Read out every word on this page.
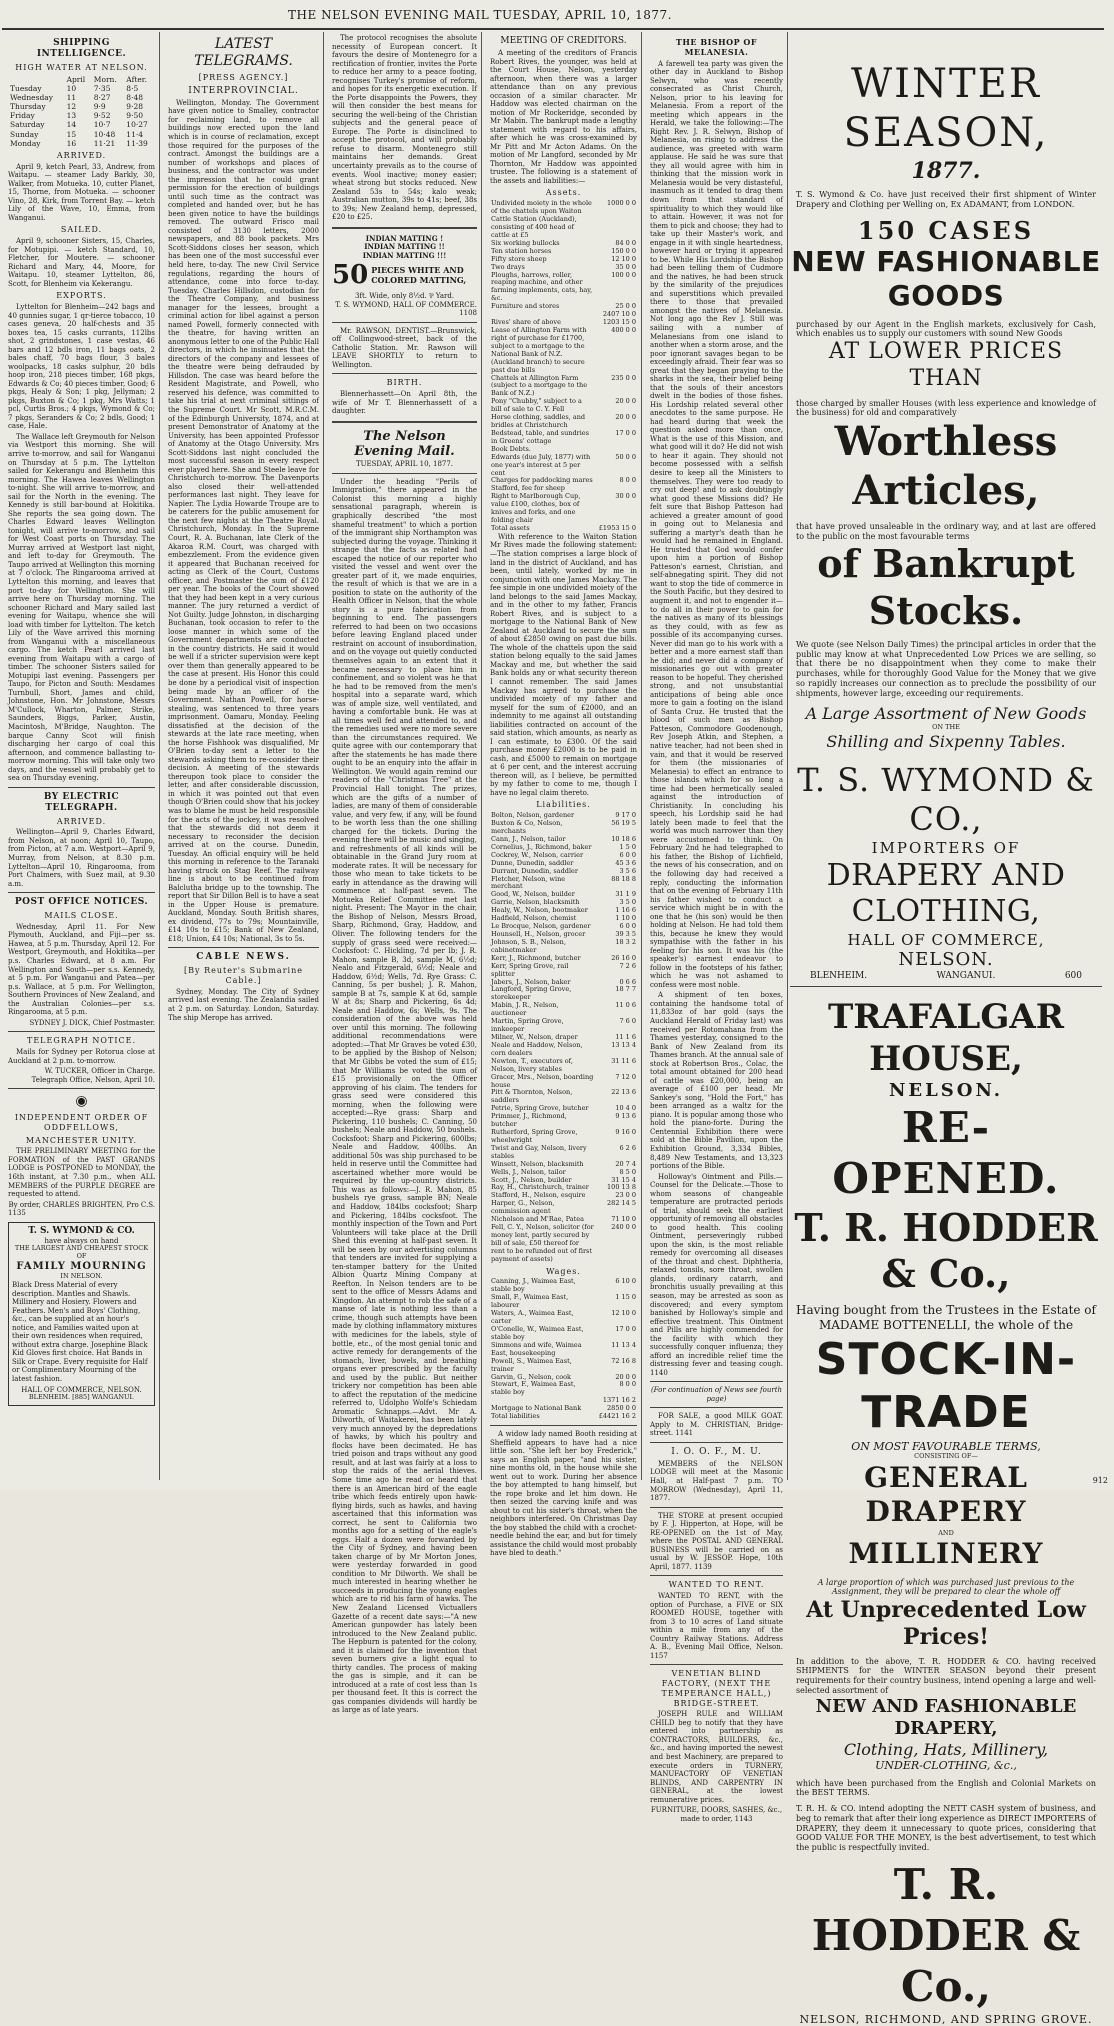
THE NELSON EVENING MAIL TUESDAY, APRIL 10, 1877.
SHIPPING INTELLIGENCE.
HIGH WATER AT NELSON.
	April	Morn.	After.
Tuesday	10	7·35	8·5
Wednesday	11	8·27	8·48
Thursday	12	9·9	9·28
Friday	13	9·52	9·50
Saturday	14	10·7	10·27
Sunday	15	10·48	11·4
Monday	16	11·21	11·39
ARRIVED.

April 9, ketch Pearl, 33, Andrew, from Waitapu. — steamer Lady Barkly, 30, Walker, from Motueka. 10, cutter Planet, 15, Thorne, from Motueka. — schooner Vino, 28, Kirk, from Torrent Bay. — ketch Lily of the Wave, 10, Emma, from Wanganui.

SAILED.

April 9, schooner Sisters, 15, Charles, for Motupipi. — ketch Standard, 10, Fletcher, for Moutere. — schooner Richard and Mary, 44, Moore, for Waitapu. 10, steamer Lyttelton, 86, Scott, for Blenheim via Kekerangu.

EXPORTS.

Lyttelton for Blenheim—242 bags and 40 gunnies sugar, 1 qr-tierce tobacco, 10 cases geneva, 20 half-chests and 35 boxes tea, 15 casks currants, 112lbs shot, 2 grindstones, 1 case vestas, 46 bars and 12 bdls iron, 11 bags oats, 2 bales chaff, 70 bags flour, 3 bales woolpacks, 18 casks sulphur, 20 bdls hoop iron, 218 pieces timber, 168 pkgs, Edwards & Co; 40 pieces timber, Good; 6 pkgs, Healy & Son; 1 pkg, Jellyman; 2 pkgs, Buxton & Co; 1 pkg, Mrs Watts; 1 pcl, Curtis Bros.; 4 pkgs, Wymond & Co; 7 pkgs, Seranders & Co; 2 bdls, Good; 1 case, Hale.

The Wallace left Greymouth for Nelson via Westport this morning. She will arrive to-morrow, and sail for Wanganui on Thursday at 5 p.m. The Lyttelton sailed for Kekerangu and Blenheim this morning. The Hawea leaves Wellington to-night. She will arrive to-morrow, and sail for the North in the evening. The Kennedy is still bar-bound at Hokitika. She reports the sea going down. The Charles Edward leaves Wellington tonight, will arrive to-morrow, and sail for West Coast ports on Thursday. The Murray arrived at Westport last night, and left to-day for Greymouth. The Taupo arrived at Wellington this morning at 7 o'clock. The Ringarooma arrived at Lyttelton this morning, and leaves that port to-day for Wellington. She will arrive here on Thursday morning. The schooner Richard and Mary sailed last evening for Waitapu, whence she will load with timber for Lyttelton. The ketch Lily of the Wave arrived this morning from Wanganui with a miscellaneous cargo. The ketch Pearl arrived last evening from Waitapu with a cargo of timber. The schooner Sisters sailed for Motupipi last evening. Passengers per Taupo, for Picton and South: Mesdames Turnbull, Short, James and child, Johnstone, Hon. Mr Johnstone, Messrs M'Cullock, Wharton, Palmer, Strike, Saunders, Biggs, Parker, Austin, Macintosh, M'Bridge, Naughton. The barque Canny Scot will finish discharging her cargo of coal this afternoon, and commence ballasting to-morrow morning. This will take only two days, and the vessel will probably get to sea on Thursday evening.

BY ELECTRIC TELEGRAPH.
ARRIVED.

Wellington—April 9, Charles Edward, from Nelson, at noon; April 10, Taupo, from Picton, at 7 a.m. Westport—April 9, Murray, from Nelson, at 8.30 p.m. Lyttelton—April 10, Ringarooma, from Port Chalmers, with Suez mail, at 9.30 a.m.

POST OFFICE NOTICES.
MAILS CLOSE.

Wednesday, April 11. For New Plymouth, Auckland, and Fiji—per ss. Hawea, at 5 p.m. Thursday, April 12. For Westport, Greymouth, and Hokitika—per p.s. Charles Edward, at 8 a.m. For Wellington and South—per s.s. Kennedy, at 5 p.m. For Wanganui and Patea—per p.s. Wallace, at 5 p.m. For Wellington, Southern Provinces of New Zealand, and the Australian Colonies—per s.s. Ringarooma, at 5 p.m.

SYDNEY J. DICK, Chief Postmaster.
TELEGRAPH NOTICE.

Mails for Sydney per Rotorua close at Auckland at 2 p.m. to-morrow.

W. TUCKER, Officer in Charge. Telegraph Office, Nelson, April 10.
◉
INDEPENDENT ORDER OF ODDFELLOWS,
MANCHESTER UNITY.

THE PRELIMINARY MEETING for the FORMATION of the PAST GRANDS LODGE is POSTPONED to MONDAY, the 16th instant, at 7.30 p.m., when ALL MEMBERS of the PURPLE DEGREE are requested to attend.

By order, CHARLES BRIGHTEN, Pro C.S.
1135
T. S. WYMOND & CO.
have always on hand
THE LARGEST AND CHEAPEST STOCK OF
FAMILY MOURNING
IN NELSON.

Black Dress Material of every description. Mantles and Shawls. Millinery and Hosiery. Flowers and Feathers. Men's and Boys' Clothing, &c., can be supplied at an hour's notice, and Families waited upon at their own residences when required, without extra charge. Josephine Black Kid Gloves first choice. Hat Bands in Silk or Crape. Every requisite for Half or Complimentary Mourning of the latest fashion.

HALL OF COMMERCE, NELSON.
BLENHEIM. [885] WANGANUI.
LATEST TELEGRAMS.
[PRESS AGENCY.]
INTERPROVINCIAL.

Wellington, Monday. The Government have given notice to Smalley, contractor for reclaiming land, to remove all buildings now erected upon the land which is in course of reclamation, except those required for the purposes of the contract. Amongst the buildings are a number of workshops and places of business, and the contractor was under the impression that he could grant permission for the erection of buildings until such time as the contract was completed and handed over, but he has been given notice to have the buildings removed. The outward Frisco mail consisted of 3130 letters, 2000 newspapers, and 88 book packets. Mrs Scott-Siddons closes her season, which has been one of the most successful ever held here, to-day. The new Civil Service regulations, regarding the hours of attendance, come into force to-day. Tuesday. Charles Hillsdon, custodian for the Theatre Company, and business manager for the lessees, brought a criminal action for libel against a person named Powell, formerly connected with the theatre, for having written an anonymous letter to one of the Public Hall directors, in which he insinuates that the directors of the company and lessees of the theatre were being defrauded by Hillsdon. The case was heard before the Resident Magistrate, and Powell, who reserved his defence, was committed to take his trial at next criminal sittings of the Supreme Court. Mr Scott, M.R.C.M. of the Edinburgh University, 1874, and at present Demonstrator of Anatomy at the University, has been appointed Professor of Anatomy at the Otago University. Mrs Scott-Siddons last night concluded the most successful season in every respect ever played here. She and Steele leave for Christchurch to-morrow. The Davenports also closed their well-attended performances last night. They leave for Napier. The Lydia Howarde Troupe are to be caterers for the public amusement for the next few nights at the Theatre Royal. Christchurch, Monday. In the Supreme Court, R. A. Buchanan, late Clerk of the Akaroa R.M. Court, was charged with embezzlement. From the evidence given it appeared that Buchanan received for acting as Clerk of the Court, Customs officer, and Postmaster the sum of £120 per year. The books of the Court showed that they had been kept in a very curious manner. The jury returned a verdict of Not Guilty. Judge Johnston, in discharging Buchanan, took occasion to refer to the loose manner in which some of the Government departments are conducted in the country districts. He said it would be well if a stricter supervision were kept over them than generally appeared to be the case at present. His Honor this could be done by a periodical visit of inspection being made by an officer of the Government. Nathan Powell, for horse-stealing, was sentenced to three years imprisonment. Oamaru, Monday. Feeling dissatisfied at the decision of the stewards at the late race meeting, when the horse Fishhook was disqualified, Mr O'Brien to-day sent a letter to the stewards asking them to re-consider their decision. A meeting of the stewards thereupon took place to consider the letter, and after considerable discussion, in which it was pointed out that even though O'Brien could show that his jockey was to blame he must be held responsible for the acts of the jockey, it was resolved that the stewards did not deem it necessary to reconsider the decision arrived at on the course. Dunedin, Tuesday. An official enquiry will be held this morning in reference to the Taranaki having struck on Stag Reef. The railway line is about to be continued from Balclutha bridge up to the township. The report that Sir Dillon Bell is to have a seat in the Upper House is premature. Auckland, Monday. South British shares, ex dividend, 77s to 79s; Mountainville, £14 10s to £15; Bank of New Zealand, £18; Union, £4 10s; National, 3s to 5s.

CABLE NEWS.
[By Reuter's Submarine Cable.]

Sydney, Monday. The City of Sydney arrived last evening. The Zealandia sailed at 2 p.m. on Saturday. London, Saturday. The ship Merope has arrived.

The protocol recognises the absolute necessity of European concert. It favours the desire of Montenegro for a rectification of frontier, invites the Porte to reduce her army to a peace footing, recognises Turkey's promise of reform, and hopes for its energetic execution. If the Porte disappoints the Powers, they will then consider the best means for securing the well-being of the Christian subjects and the general peace of Europe. The Porte is disinclined to accept the protocol, and will probably refuse to disarm. Montenegro still maintains her demands. Great uncertainty prevails as to the course of events. Wool inactive; money easier; wheat strong but stocks reduced. New Zealand 53s to 54s; kalo weak; Australian mutton, 39s to 41s; beef, 38s to 39s; New Zealand hemp, depressed, £20 to £25.

INDIAN MATTING !
INDIAN MATTING !!
INDIAN MATTING !!!
50 PIECES WHITE AND COLORED MATTING,
3ft. Wide, only 8½d. ⅌ Yard.
T. S. WYMOND, HALL OF COMMERCE. 1108

Mr. RAWSON, DENTIST.—Brunswick, off Collingwood-street, back of the Catholic Station. Mr. Rawson will LEAVE SHORTLY to return to Wellington.

BIRTH.

Blennerhassett—On April 8th, the wife of Mr T. Blennerhassett of a daughter.

The Nelson Evening Mail.
TUESDAY, APRIL 10, 1877.

Under the heading "Perils of Immigration," there appeared in the Colonist this morning a highly sensational paragraph, wherein is graphically described "the most shameful treatment" to which a portion of the immigrant ship Northampton was subjected during the voyage. Thinking it strange that the facts as related had escaped the notice of our reporter who visited the vessel and went over the greater part of it, we made enquiries, the result of which is that we are in a position to state on the authority of the Health Officer in Nelson, that the whole story is a pure fabrication from beginning to end. The passengers referred to had been on two occasions before leaving England placed under restraint on account of insubordination, and on the voyage out quietly conducted themselves again to an extent that it became necessary to place him in confinement, and so violent was he that he had to be removed from the men's hospital into a separate ward, which was of ample size, well ventilated, and having a comfortable bunk. He was at all times well fed and attended to, and the remedies used were no more severe than the circumstances required. We quite agree with our contemporary that after the statements he has made there ought to be an enquiry into the affair in Wellington. We would again remind our readers of the "Christmas Tree" at the Provincial Hall tonight. The prizes, which are the gifts of a number of ladies, are many of them of considerable value, and very few, if any, will be found to be worth less than the one shilling charged for the tickets. During the evening there will be music and singing, and refreshments of all kinds will be obtainable in the Grand Jury room at moderate rates. It will be necessary for those who mean to take tickets to be early in attendance as the drawing will commence at half-past seven. The Motueka Relief Committee met last night. Present: The Mayor in the chair, the Bishop of Nelson, Messrs Broad, Sharp, Richmond, Gray, Haddow, and Oliver. The following tenders for the supply of grass seed were received:—Cocksfoot: C. Hickling, 7d per lb; J. R. Mahon, sample B, 3d, sample M, 6½d; Nealo and Fitzgerald, 6½d; Neale and Haddow, 6½d; Wells, 7d. Rye Grass: C. Canning, 5s per bushel; J. R. Mahon, sample B at 7s, sample K at 6d, sample W at 8s; Sharp and Pickering, 6s 4d; Neale and Haddow, 6s; Wells, 9s. The consideration of the above was held over until this morning. The following additional recommendations were adopted:—That Mr Graves be voted £30, to be applied by the Bishop of Nelson; that Mr Gibbs be voted the sum of £15; that Mr Williams be voted the sum of £15 provisionally on the Officer approving of his claim. The tenders for grass seed were considered this morning, when the following were accepted:—Rye grass: Sharp and Pickering, 110 bushels; C. Canning, 50 bushels; Neale and Haddow, 50 bushels. Cocksfoot: Sharp and Pickering, 600lbs; Neale and Haddow, 400lbs. An additional 50s was ship purchased to be held in reserve until the Committee had ascertained whether more would be required by the up-country districts. This was as follows:—J. R. Mahon, 85 bushels rye grass, sample BN; Neale and Haddow, 184lbs cocksfoot; Sharp and Pickering, 184lbs cocksfoot. The monthly inspection of the Town and Port Volunteers will take place at the Drill Shed this evening at half-past seven. It will be seen by our advertising columns that tenders are invited for supplying a ten-stamper battery for the United Albion Quartz Mining Company at Reefton. In Nelson tenders are to be sent to the office of Messrs Adams and Kingdon. An attempt to rob the safe of a manse of late is nothing less than a crime, though such attempts have been made by clothing inflammatory mixtures with medicines for the labels, style of bottle, etc., of the most genial tonic and active remedy for derangements of the stomach, liver, bowels, and breathing organs ever prescribed by the faculty and used by the public. But neither trickery nor competition has been able to affect the reputation of the medicine referred to, Udolpho Wolfe's Schiedam Aromatic Schnapps.—Advt. Mr A. Dilworth, of Waitakerei, has been lately very much annoyed by the depredations of hawks, by which his poultry and flocks have been decimated. He has tried poison and traps without any good result, and at last was fairly at a loss to stop the raids of the aerial thieves. Some time ago he read or heard that there is an American bird of the eagle tribe which feeds entirely upon hawk-flying birds, such as hawks, and having ascertained that this information was correct, he sent to California two months ago for a setting of the eagle's eggs. Half a dozen were forwarded by the City of Sydney, and having been taken charge of by Mr Morton Jones, were yesterday forwarded in good condition to Mr Dilworth. We shall be much interested in hearing whether he succeeds in producing the young eagles which are to rid his farm of hawks. The New Zealand Licensed Victuallers Gazette of a recent date says:—"A new American gunpowder has lately been introduced to the New Zealand public. The Hepburn is patented for the colony, and it is claimed for the invention that seven burners give a light equal to thirty candles. The process of making the gas is simple, and it can be introduced at a rate of cost less than 1s per thousand feet. It this is correct the gas companies dividends will hardly be as large as of late years.

MEETING OF CREDITORS.

A meeting of the creditors of Francis Robert Rives, the younger, was held at the Court House, Nelson, yesterday afternoon, when there was a larger attendance than on any previous occasion of a similar character. Mr Haddow was elected chairman on the motion of Mr Rockeridge, seconded by Mr Mabin. The bankrupt made a lengthy statement with regard to his affairs, after which he was cross-examined by Mr Pitt and Mr Acton Adams. On the motion of Mr Langford, seconded by Mr Thornton, Mr Haddow was appointed trustee. The following is a statement of the assets and liabilities:—

Assets.
Undivided moiety in the whole of the chattels upon Waiton Cattle Station (Auckland), consisting of 400 head of cattle at £5	1000 0 0
Six working bullocks	84 0 0
Ten station horses	150 0 0
Fifty store sheep	12 10 0
Two drays	35 0 0
Ploughs, harrows, roller, reaping machine, and other farming implements, cats, hay, &c.	100 0 0
Furniture and stores	25 0 0
	2407 10 0
Rives' share of above	1203 15 0
Lease of Allington Farm with right of purchase for £1700, subject to a mortgage to the National Bank of N.Z. (Auckland branch) to secure past due bills	400 0 0
Chattels at Allington Farm (subject to a mortgage to the Bank of N.Z.)	235 0 0
Pony "Chubby," subject to a bill of sale to C. Y. Fell	20 0 0
Horse clothing, saddles, and bridles at Christchurch	20 0 0
Bedstead, table, and sundries in Greens' cottage	17 0 0
Book Debts.	
Edwards (due July, 1877) with one year's interest at 5 per cent	50 0 0
Charges for paddocking mares Stafford, fee for sheep	8 0 0
Right to Marlborough Cup, value £100, clothes, box of knives and forks, and one folding chair	30 0 0
Total assets	£1953 15 0

With reference to the Waiton Station Mr Rives made the following statement:—The station comprises a large block of land in the district of Auckland, and has been, until lately, worked by me in conjunction with one James Mackay. The fee simple in one undivided moiety of the land belongs to the said James Mackay, and in the other to my father, Francis Robert Rives, and is subject to a mortgage to the National Bank of New Zealand at Auckland to secure the sum of about £2850 owing on past due bills. The whole of the chattels upon the said station belong equally to the said James Mackay and me, but whether the said Bank holds any or what security thereon I cannot remember. The said James Mackay has agreed to purchase the undivided moiety of my father and myself for the sum of £2000, and an indemnity to me against all outstanding liabilities contracted on account of the said station, which amounts, as nearly as I can estimate, to £300. Of the said purchase money £2000 is to be paid in cash, and £5000 to remain on mortgage at 6 per cent, and the interest accruing thereon will, as I believe, be permitted by my father to come to me, though I have no legal claim thereto.

Liabilities.
Bolton, Nelson, gardener	9 17 0
Buxton & Co, Nelson, merchants	56 19 5
Cann, J., Nelson, tailor	10 18 6
Cornelius, J., Richmond, baker	1 5 0
Cockrey, W., Nelson, carrier	6 0 0
Dunne, Dunedin, saddler	45 3 6
Durrant, Dunedin, saddler	3 5 6
Fletcher, Nelson, wine merchant	88 18 8
Good, W., Nelson, builder	31 1 9
Garrie, Nelson, blacksmith	3 5 0
Healy, W., Nelson, bootmaker	1 16 6
Hadfield, Nelson, chemist	1 10 0
Le Brocque, Nelson, gardener	6 0 0
Hounsell, H., Nelson, grocer	39 3 5
Johnson, S. B., Nelson, cabinetmaker	18 3 2
Kerr, J., Richmond, butcher	26 16 0
Kerr, Spring Grove, rail splitter	7 2 6
Jabers, J., Nelson, baker	0 6 6
Langford, Spring Grove, storekeeper	18 7 7
Mabin, J. R., Nelson, auctioneer	11 0 6
Martin, Spring Grove, innkeeper	7 6 0
Milner, W., Nelson, draper	11 1 6
Neale and Haddow, Nelson, corn dealers	13 13 4
Newton, T., executors of, Nelson, livery stables	31 11 6
Gracer, Mrs., Nelson, boarding house	7 12 0
Pitt & Thornton, Nelson, saddlers	22 13 6
Petrie, Spring Grove, butcher	10 4 0
Primmer, J., Richmond, butcher	9 13 6
Rutherford, Spring Grove, wheelwright	9 16 0
Twist and Gay, Nelson, livery stables	6 2 6
Winsett, Nelson, blacksmith	20 7 4
Wells, J., Nelson, tailor	8 5 0
Scott, J., Nelson, builder	31 15 4
Ray, H., Christchurch, trainer	100 13 8
Stafford, H., Nelson, esquire	23 0 0
Harper, G., Nelson, commission agent	282 14 5
Nicholson and M'Rae, Patea	71 10 0
Fell, C. Y., Nelson, solicitor (for money lent, partly secured by bill of sale, £50 thereof for rent to be refunded out of first payment of assets)	240 0 0
Wages.
Canning, J., Waimea East, stable boy	6 10 0
Small, F., Waimea East, labourer	1 15 0
Waters, A., Waimea East, carter	12 10 0
O'Conelle, W., Waimea East, stable boy	17 0 0
Simmons and wife, Waimea East, housekeeping	11 13 4
Powell, S., Waimea East, trainer	72 16 8
Garvin, G., Nelson, cook	20 0 0
Stewart, F., Waimea East, stable boy	8 0 0
	1371 16 2
Mortgage to National Bank	2850 0 0
Total liabilities	£4421 16 2

A widow lady named Booth residing at Sheffield appears to have had a nice little son. "She left her boy Frederick," says an English paper, "and his sister, nine months old, in the house while she went out to work. During her absence the boy attempted to hang himself, but the rope broke and let him down. He then seized the carving knife and was about to cut his sister's throat, when the neighbors interfered. On Christmas Day the boy stabbed the child with a crochet-needle behind the ear, and but for timely assistance the child would most probably have bled to death."

THE BISHOP OF MELANESIA.

A farewell tea party was given the other day in Auckland to Bishop Selwyn, who was recently consecrated as Christ Church, Nelson, prior to his leaving for Melanesia. From a report of the meeting which appears in the Herald, we take the following:—The Right Rev. J. R. Selwyn, Bishop of Melanesia, on rising to address the audience, was greeted with warm applause. He said he was sure that they all would agree with him in thinking that the mission work in Melanesia would be very distasteful, inasmuch as it tended to drag them down from that standard of spirituality to which they would like to attain. However, it was not for them to pick and choose; they had to take up their Master's work, and engage in it with single heartedness, however hard or trying it appeared to be. While His Lordship the Bishop had been telling them of Cudmore and the natives, he had been struck by the similarity of the prejudices and superstitions which prevailed there to those that prevailed amongst the natives of Melanesia. Not long ago the Rev J. Still was sailing with a number of Melanesians from one island to another when a storm arose, and the poor ignorant savages began to be exceedingly afraid. Their fear was so great that they began praying to the sharks in the sea, their belief being that the souls of their ancestors dwelt in the bodies of those fishes. His Lordship related several other anecdotes to the same purpose. He had heard during that week the question asked more than once, What is the use of this Mission, and what good will it do? He did not wish to hear it again. They should not become possessed with a selfish desire to keep all the Ministers to themselves. They were too ready to cry out deep! and to ask doubtingly what good these Missions did? He felt sure that Bishop Patteson had achieved a greater amount of good in going out to Melanesia and suffering a martyr's death than he would had he remained in England. He trusted that God would confer upon him a portion of Bishop Patteson's earnest, Christian, and self-abnegating spirit. They did not want to stop the tide of commerce in the South Pacific, but they desired to augment it, and not to engender it—to do all in their power to gain for the natives as many of its blessings as they could, with as few as possible of its accompanying curses. Never did man go to his work with a better and a more earnest staff than he did; and never did a company of missionaries go out with greater reason to be hopeful. They cherished strong, and not unsubstantial anticipations of being able once more to gain a footing on the island of Santa Cruz. He trusted that the blood of such men as Bishop Patteson, Commodore Goodenough, Rev Joseph Atkin, and Stephen, a native teacher, had not been shed in vain, and that it would be reserved for them (the missionaries of Melanesia) to effect an entrance to those islands which for so long a time had been hermetically sealed against the introduction of Christianity. In concluding his speech, his Lordship said he had lately been made to feel that the world was much narrower than they were accustomed to think. On February 2nd he had telegraphed to his father, the Bishop of Lichfield, the news of his consecration, and on the following day had received a reply, conducting the information that on the evening of February 11th his father wished to conduct a service which might be in with the one that he (his son) would be then holding at Nelson. He had told them this, because he knew they would sympathise with the father in his feeling for his son. It was his (the speaker's) earnest endeavor to follow in the footsteps of his father, which he was not ashamed to confess were most noble.

A shipment of ten boxes, containing the handsome total of 11,833oz of bar gold (says the Auckland Herald of Friday last) was received per Rotomahana from the Thames yesterday, consigned to the Bank of New Zealand from its Thames branch. At the annual sale of stock at Robertson Bros., Colac, the total amount obtained for 200 head of cattle was £20,000, being an average of £100 per head. Mr Sankey's song, "Hold the Fort," has been arranged as a waltz for the piano. It is popular among those who hold the piano-forte. During the Centennial Exhibition there were sold at the Bible Pavilion, upon the Exhibition Ground, 3,334 Bibles, 8,489 New Testaments, and 13,323 portions of the Bible.

Holloway's Ointment and Pills.—Counsel for the Delicate.—Those to whom seasons of changeable temperature are protracted periods of trial, should seek the earliest opportunity of removing all obstacles to good health. This cooling Ointment, perseveringly rubbed upon the skin, is the most reliable remedy for overcoming all diseases of the throat and chest. Diphtheria, relaxed tonsils, sore throat, swollen glands, ordinary catarrh, and bronchitis usually prevailing at this season, may be arrested as soon as discovered; and every symptom banished by Holloway's simple and effective treatment. This Ointment and Pills are highly commended for the facility with which they successfully conquer influenza; they afford an incredible relief time the distressing fever and teasing cough. 1140

(For continuation of News see fourth page)

FOR SALE, a good MILK GOAT. Apply to M. CHRISTIAN, Bridge-street. 1141

I. O. O. F., M. U.

MEMBERS of the NELSON LODGE will meet at the Masonic Hall, at Half-past 7 p.m. TO MORROW (Wednesday), April 11, 1877.

THE STORE at present occupied by F. J. Hipperton, at Hope, will be RE-OPENED on the 1st of May, where the POSTAL AND GENERAL BUSINESS will be carried on as usual by W. JESSOP. Hope, 10th April, 1877. 1139

WANTED TO RENT.

WANTED TO RENT, with the option of Purchase, a FIVE or SIX ROOMED HOUSE, together with from 3 to 10 acres of Land situate within a mile from any of the Country Railway Stations. Address A. B., Evening Mail Office, Nelson. 1157

VENETIAN BLIND FACTORY, (NEXT THE TEMPERANCE HALL,) BRIDGE-STREET.

JOSEPH RULE and WILLIAM CHILD beg to notify that they have entered into partnership as CONTRACTORS, BUILDERS, &c., &c., and having imported the newest and best Machinery, are prepared to execute orders in TURNERY, MANUFACTORY OF VENETIAN BLINDS, AND CARPENTRY IN GENERAL, at the lowest remunerative prices.

FURNITURE, DOORS, SASHES, &c., made to order, 1143
WINTER SEASON,
1877.
T. S. Wymond & Co. have just received their first shipment of Winter Drapery and Clothing per Welling on, Ex ADAMANT, from LONDON.
150 CASES
NEW FASHIONABLE GOODS
purchased by our Agent in the English markets, exclusively for Cash, which enables us to supply our customers with sound New Goods
AT LOWER PRICES THAN
those charged by smaller Houses (with less experience and knowledge of the business) for old and comparatively
Worthless Articles,
that have proved unsaleable in the ordinary way, and at last are offered to the public on the most favourable terms
of Bankrupt Stocks.
We quote (see Nelson Daily Times) the principal articles in order that the public may know at what Unprecedented Low Prices we are selling, so that there be no disappointment when they come to make their purchases, while for thoroughly Good Value for the Money that we give so rapidly increases our connection as to preclude the possibility of our shipments, however large, exceeding our requirements.
A Large Assortment of New Goods
ON THE
Shilling and Sixpenny Tables.
T. S. WYMOND & CO.,
IMPORTERS OF
DRAPERY AND CLOTHING,
HALL OF COMMERCE,
NELSON.
BLENHEIM.	WANGANUI.	600
TRAFALGAR HOUSE,
NELSON.
RE-OPENED.
T. R. HODDER & Co.,
Having bought from the Trustees in the Estate of MADAME BOTTENELLI, the whole of the
STOCK-IN-TRADE
ON MOST FAVOURABLE TERMS,
CONSISTING OF—
GENERAL DRAPERY
AND
MILLINERY
A large proportion of which was purchased just previous to the Assignment, they will be prepared to clear the whole off
At Unprecedented Low Prices!
In addition to the above, T. R. HODDER & CO. having received SHIPMENTS for the WINTER SEASON beyond their present requirements for their country business, intend opening a large and well-selected assortment of
NEW AND FASHIONABLE DRAPERY,
Clothing, Hats, Millinery,
UNDER-CLOTHING, &c.,
which have been purchased from the English and Colonial Markets on the BEST TERMS.
T. R. H. & CO. intend adopting the NETT CASH system of business, and beg to remark that after their long experience as DIRECT IMPORTERS of DRAPERY, they deem it unnecessary to quote prices, considering that GOOD VALUE FOR THE MONEY, is the best advertisement, to test which the public is respectfully invited.
T. R. HODDER & Co.,
NELSON, RICHMOND, AND SPRING GROVE.
912
